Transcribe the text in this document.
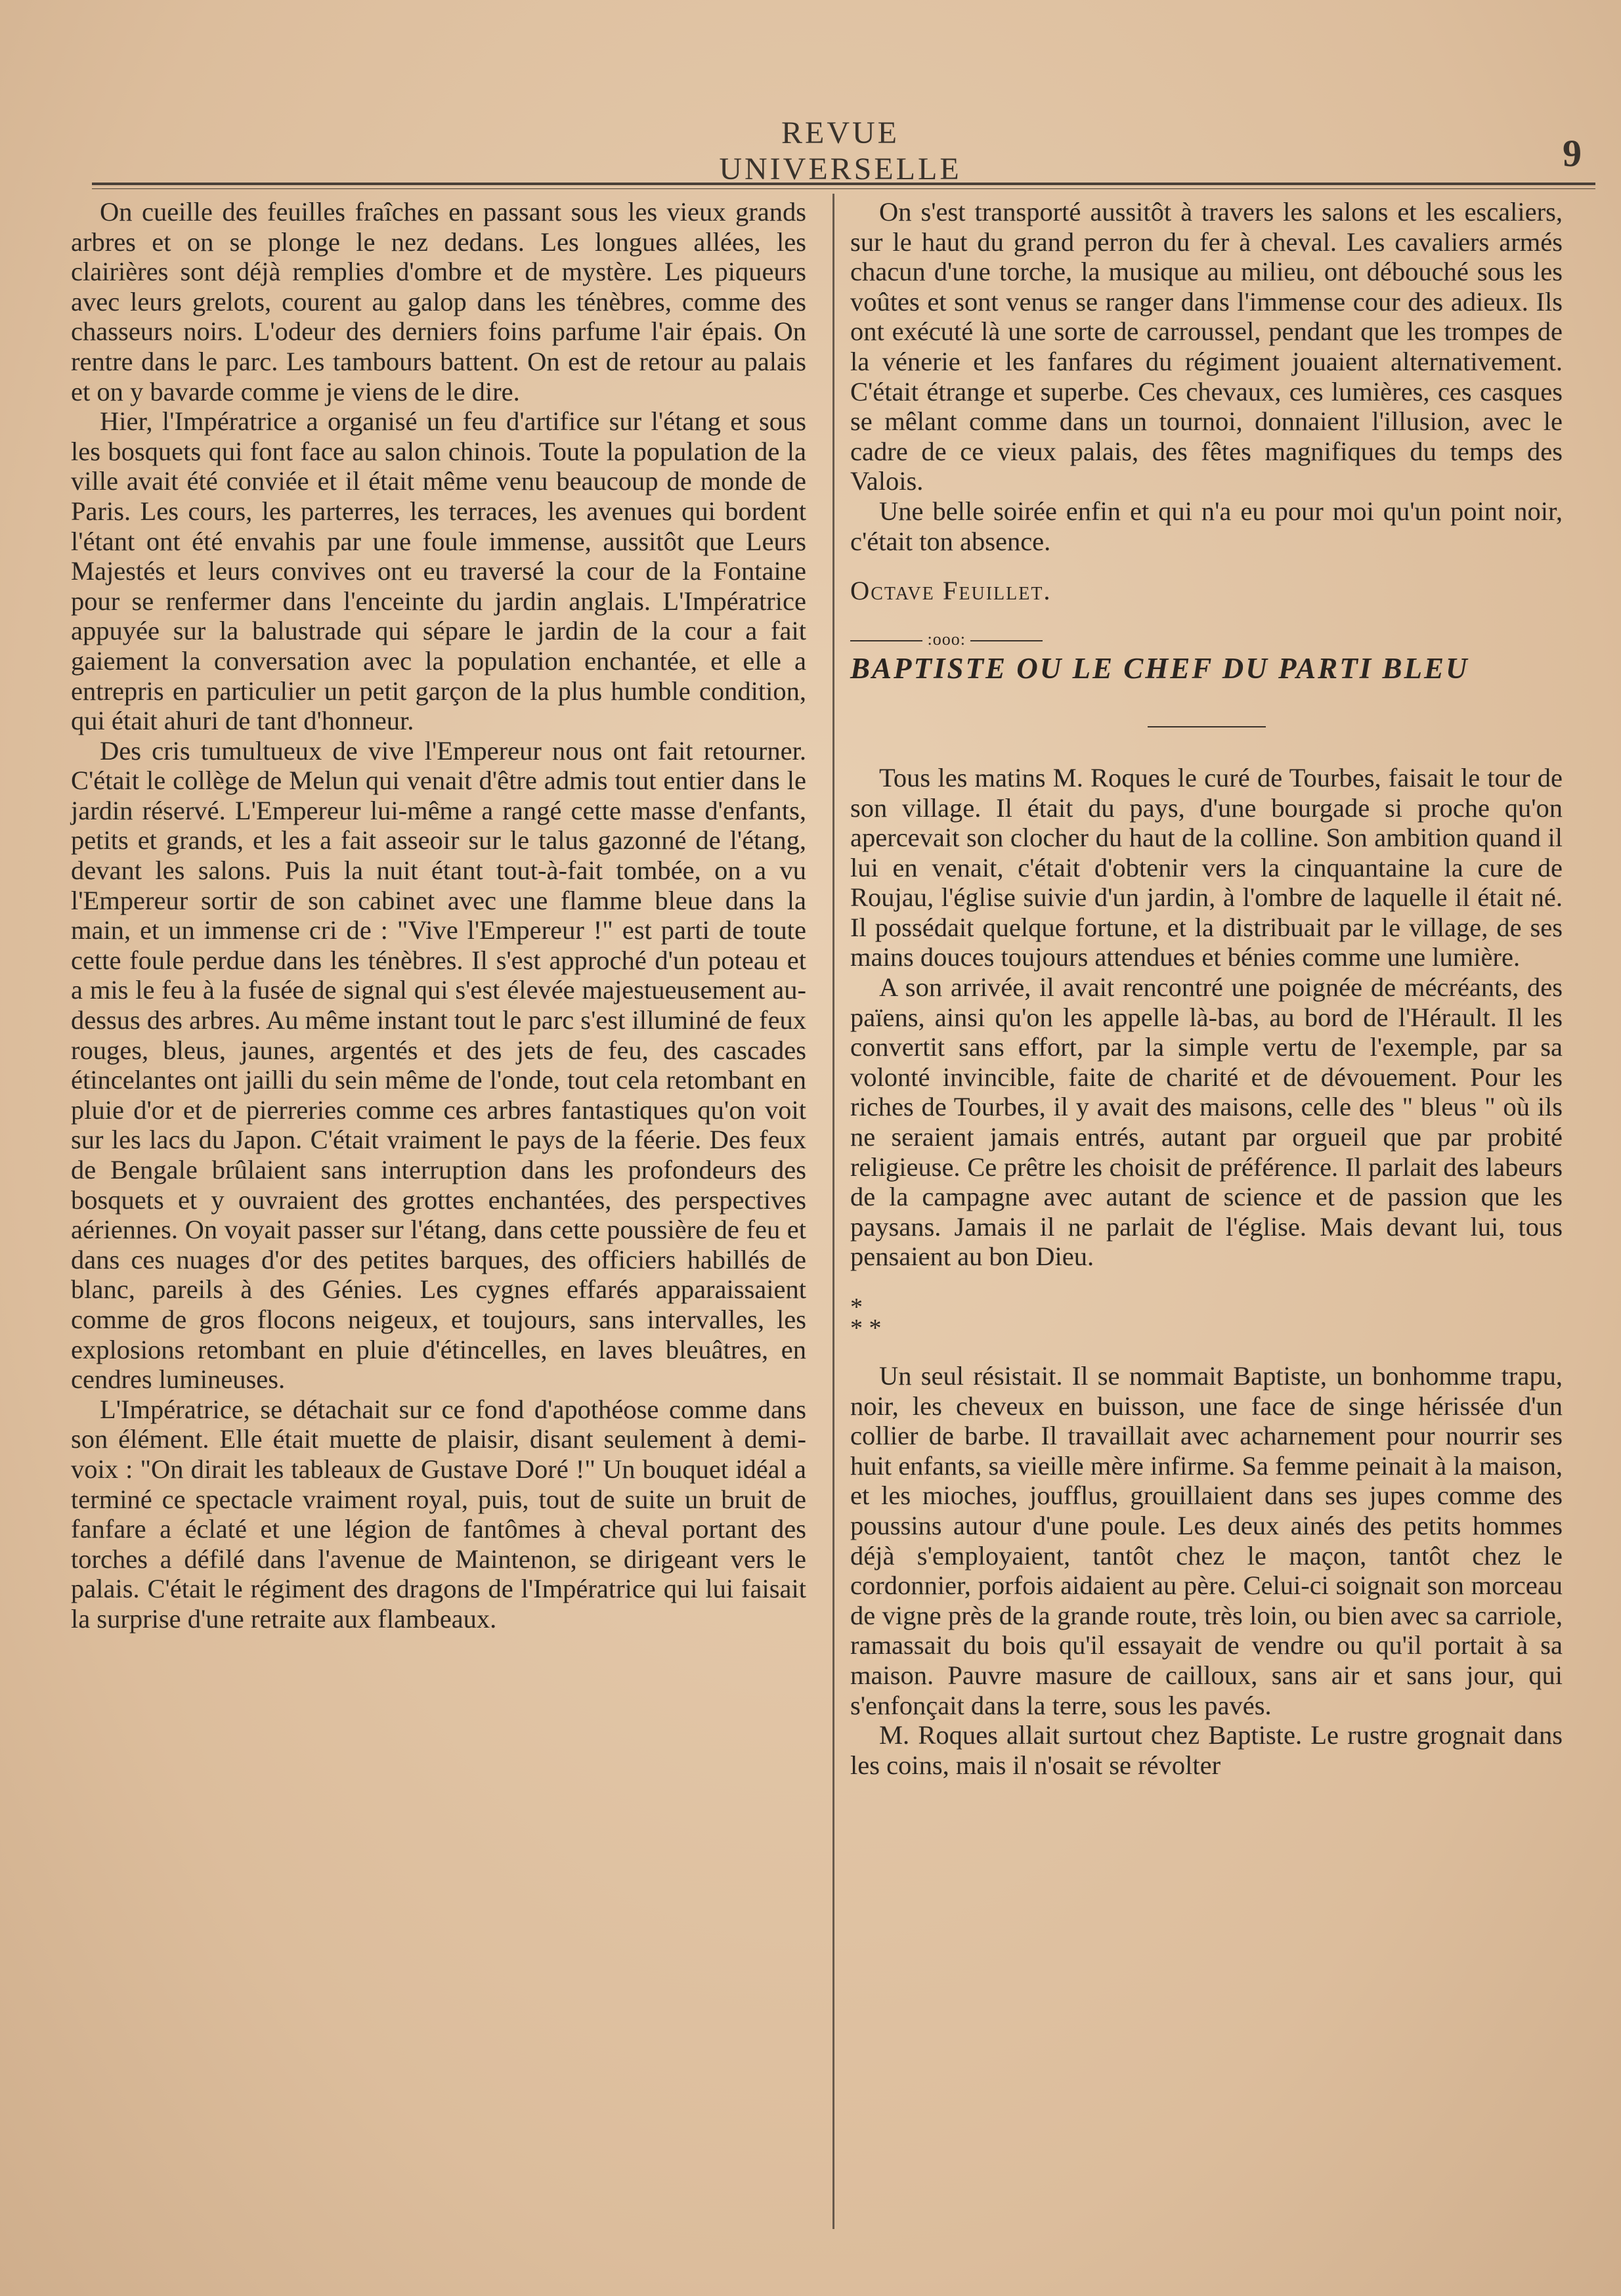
REVUE UNIVERSELLE	9

On cueille des feuilles fraîches en passant sous les vieux grands arbres et on se plonge le nez dedans. Les longues allées, les clairières sont déjà remplies d'ombre et de mystère. Les piqueurs avec leurs grelots, courent au galop dans les ténèbres, comme des chasseurs noirs. L'odeur des derniers foins parfume l'air épais. On rentre dans le parc. Les tambours battent. On est de retour au palais et on y bavarde comme je viens de le dire.

Hier, l'Impératrice a organisé un feu d'artifice sur l'étang et sous les bosquets qui font face au salon chinois. Toute la population de la ville avait été conviée et il était même venu beaucoup de monde de Paris. Les cours, les parterres, les terraces, les avenues qui bordent l'étant ont été envahis par une foule immense, aussitôt que Leurs Majestés et leurs convives ont eu traversé la cour de la Fontaine pour se renfermer dans l'enceinte du jardin anglais. L'Impératrice appuyée sur la balustrade qui sépare le jardin de la cour a fait gaiement la conversation avec la population enchantée, et elle a entrepris en particulier un petit garçon de la plus humble condition, qui était ahuri de tant d'honneur.

Des cris tumultueux de vive l'Empereur nous ont fait retourner. C'était le collège de Melun qui venait d'être admis tout entier dans le jardin réservé. L'Empereur lui-même a rangé cette masse d'enfants, petits et grands, et les a fait asseoir sur le talus gazonné de l'étang, devant les salons. Puis la nuit étant tout-à-fait tombée, on a vu l'Empereur sortir de son cabinet avec une flamme bleue dans la main, et un immense cri de : "Vive l'Empereur !" est parti de toute cette foule perdue dans les ténèbres. Il s'est approché d'un poteau et a mis le feu à la fusée de signal qui s'est élevée majestueusement au-dessus des arbres. Au même instant tout le parc s'est illuminé de feux rouges, bleus, jaunes, argentés et des jets de feu, des cascades étincelantes ont jailli du sein même de l'onde, tout cela retombant en pluie d'or et de pierreries comme ces arbres fantastiques qu'on voit sur les lacs du Japon. C'était vraiment le pays de la féerie. Des feux de Bengale brûlaient sans interruption dans les profondeurs des bosquets et y ouvraient des grottes enchantées, des perspectives aériennes. On voyait passer sur l'étang, dans cette poussière de feu et dans ces nuages d'or des petites barques, des officiers habillés de blanc, pareils à des Génies. Les cygnes effarés apparaissaient comme de gros flocons neigeux, et toujours, sans intervalles, les explosions retombant en pluie d'étincelles, en laves bleuâtres, en cendres lumineuses.

L'Impératrice, se détachait sur ce fond d'apothéose comme dans son élément. Elle était muette de plaisir, disant seulement à demi-voix : "On dirait les tableaux de Gustave Doré !" Un bouquet idéal a terminé ce spectacle vraiment royal, puis, tout de suite un bruit de fanfare a éclaté et une légion de fantômes à cheval portant des torches a défilé dans l'avenue de Maintenon, se dirigeant vers le palais. C'était le régiment des dragons de l'Impératrice qui lui faisait la surprise d'une retraite aux flambeaux.

On s'est transporté aussitôt à travers les salons et les escaliers, sur le haut du grand perron du fer à cheval. Les cavaliers armés chacun d'une torche, la musique au milieu, ont débouché sous les voûtes et sont venus se ranger dans l'immense cour des adieux. Ils ont exécuté là une sorte de carroussel, pendant que les trompes de la vénerie et les fanfares du régiment jouaient alternativement. C'était étrange et superbe. Ces chevaux, ces lumières, ces casques se mêlant comme dans un tournoi, donnaient l'illusion, avec le cadre de ce vieux palais, des fêtes magnifiques du temps des Valois.

Une belle soirée enfin et qui n'a eu pour moi qu'un point noir, c'était ton absence.

Octave Feuillet.

:ooo:

BAPTISTE OU LE CHEF DU PARTI BLEU

Tous les matins M. Roques le curé de Tourbes, faisait le tour de son village. Il était du pays, d'une bourgade si proche qu'on apercevait son clocher du haut de la colline. Son ambition quand il lui en venait, c'était d'obtenir vers la cinquantaine la cure de Roujau, l'église suivie d'un jardin, à l'ombre de laquelle il était né. Il possédait quelque fortune, et la distribuait par le village, de ses mains douces toujours attendues et bénies comme une lumière.

A son arrivée, il avait rencontré une poignée de mécréants, des païens, ainsi qu'on les appelle là-bas, au bord de l'Hérault. Il les convertit sans effort, par la simple vertu de l'exemple, par sa volonté invincible, faite de charité et de dévouement. Pour les riches de Tourbes, il y avait des maisons, celle des " bleus " où ils ne seraient jamais entrés, autant par orgueil que par probité religieuse. Ce prêtre les choisit de préférence. Il parlait des labeurs de la campagne avec autant de science et de passion que les paysans. Jamais il ne parlait de l'église. Mais devant lui, tous pensaient au bon Dieu.

*
* *

Un seul résistait. Il se nommait Baptiste, un bonhomme trapu, noir, les cheveux en buisson, une face de singe hérissée d'un collier de barbe. Il travaillait avec acharnement pour nourrir ses huit enfants, sa vieille mère infirme. Sa femme peinait à la maison, et les mioches, joufflus, grouillaient dans ses jupes comme des poussins autour d'une poule. Les deux ainés des petits hommes déjà s'employaient, tantôt chez le maçon, tantôt chez le cordonnier, porfois aidaient au père. Celui-ci soignait son morceau de vigne près de la grande route, très loin, ou bien avec sa carriole, ramassait du bois qu'il essayait de vendre ou qu'il portait à sa maison. Pauvre masure de cailloux, sans air et sans jour, qui s'enfonçait dans la terre, sous les pavés.

M. Roques allait surtout chez Baptiste. Le rustre grognait dans les coins, mais il n'osait se révolter
